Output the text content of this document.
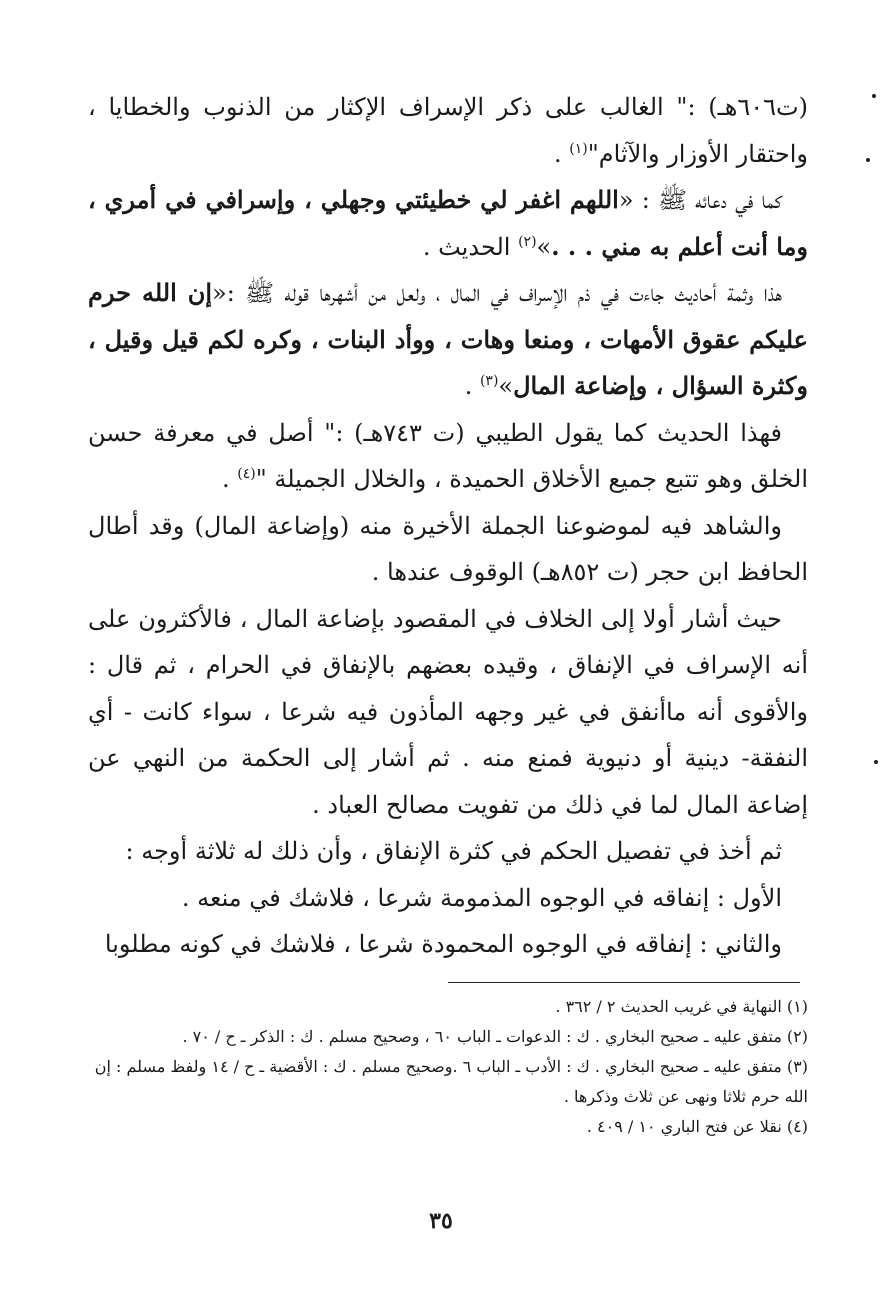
(ت٦٠٦هـ) :" الغالب على ذكر الإسراف الإكثار من الذنوب والخطايا ، واحتقار الأوزار والآثام"$^{(١)}$ .

كما في دعائه ﷺ : «اللهم اغفر لي خطيئتي وجهلي ، وإسرافي في أمري ، وما أنت أعلم به مني . . .»$^{(٢)}$ الحديث .

هذا وثمة أحاديث جاءت في ذم الإسراف في المال ، ولعل من أشهرها قوله ﷺ :«إن الله حرم عليكم عقوق الأمهات ، ومنعا وهات ، ووأد البنات ، وكره لكم قيل وقيل ، وكثرة السؤال ، وإضاعة المال»$^{(٣)}$ .

فهذا الحديث كما يقول الطيبي (ت ٧٤٣هـ) :" أصل في معرفة حسن الخلق وهو تتبع جميع الأخلاق الحميدة ، والخلال الجميلة "$^{(٤)}$ .

والشاهد فيه لموضوعنا الجملة الأخيرة منه (وإضاعة المال) وقد أطال الحافظ ابن حجر (ت ٨٥٢هـ) الوقوف عندها .

حيث أشار أولا إلى الخلاف في المقصود بإضاعة المال ، فالأكثرون على أنه الإسراف في الإنفاق ، وقيده بعضهم بالإنفاق في الحرام ، ثم قال : والأقوى أنه ماأنفق في غير وجهه المأذون فيه شرعا ، سواء كانت - أي النفقة- دينية أو دنيوية فمنع منه . ثم أشار إلى الحكمة من النهي عن إضاعة المال لما في ذلك من تفويت مصالح العباد .

ثم أخذ في تفصيل الحكم في كثرة الإنفاق ، وأن ذلك له ثلاثة أوجه :

الأول : إنفاقه في الوجوه المذمومة شرعا ، فلاشك في منعه .

والثاني : إنفاقه في الوجوه المحمودة شرعا ، فلاشك في كونه مطلوبا

(١) النهاية في غريب الحديث ٢ / ٣٦٢ .

(٢) متفق عليه ـ صحيح البخاري . ك : الدعوات ـ الباب ٦٠ ، وصحيح مسلم . ك : الذكر ـ ح / ٧٠ .

(٣) متفق عليه ـ صحيح البخاري . ك : الأدب ـ الباب ٦ .وصحيح مسلم . ك : الأقضية ـ ح / ١٤ ولفظ مسلم : إن الله حرم ثلاثا ونهى عن ثلاث وذكرها .

(٤) نقلا عن فتح الباري ١٠ / ٤٠٩ .

٣٥
